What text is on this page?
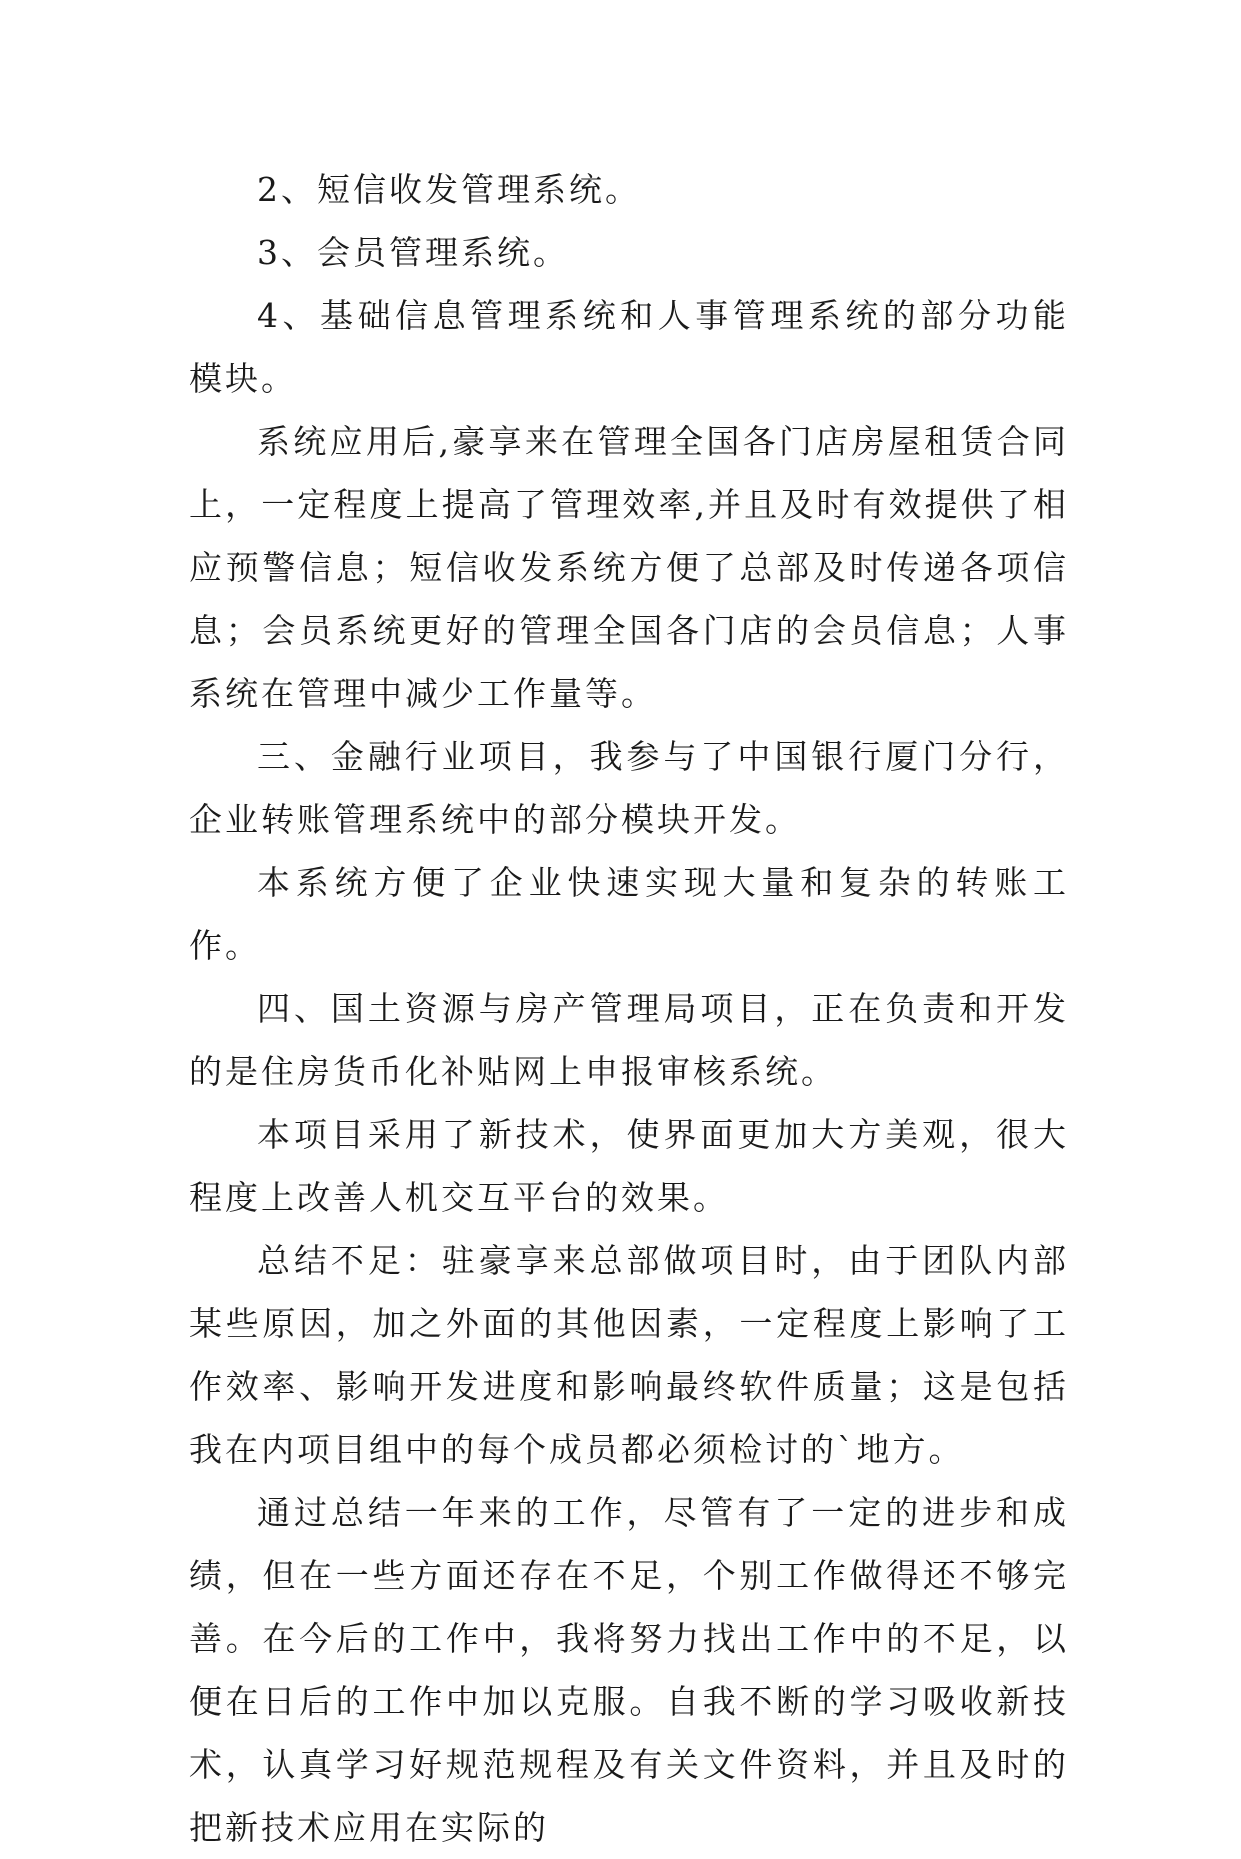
2、短信收发管理系统。

3、会员管理系统。

4、基础信息管理系统和人事管理系统的部分功能模块。

系统应用后,豪享来在管理全国各门店房屋租赁合同上，一定程度上提高了管理效率,并且及时有效提供了相应预警信息；短信收发系统方便了总部及时传递各项信息；会员系统更好的管理全国各门店的会员信息；人事系统在管理中减少工作量等。

三、金融行业项目，我参与了中国银行厦门分行，企业转账管理系统中的部分模块开发。

本系统方便了企业快速实现大量和复杂的转账工作。

四、国土资源与房产管理局项目，正在负责和开发的是住房货币化补贴网上申报审核系统。

本项目采用了新技术，使界面更加大方美观，很大程度上改善人机交互平台的效果。

总结不足：驻豪享来总部做项目时，由于团队内部某些原因，加之外面的其他因素，一定程度上影响了工作效率、影响开发进度和影响最终软件质量；这是包括我在内项目组中的每个成员都必须检讨的`地方。

通过总结一年来的工作，尽管有了一定的进步和成绩，但在一些方面还存在不足，个别工作做得还不够完善。在今后的工作中，我将努力找出工作中的不足，以便在日后的工作中加以克服。自我不断的学习吸收新技术，认真学习好规范规程及有关文件资料，并且及时的把新技术应用在实际的
